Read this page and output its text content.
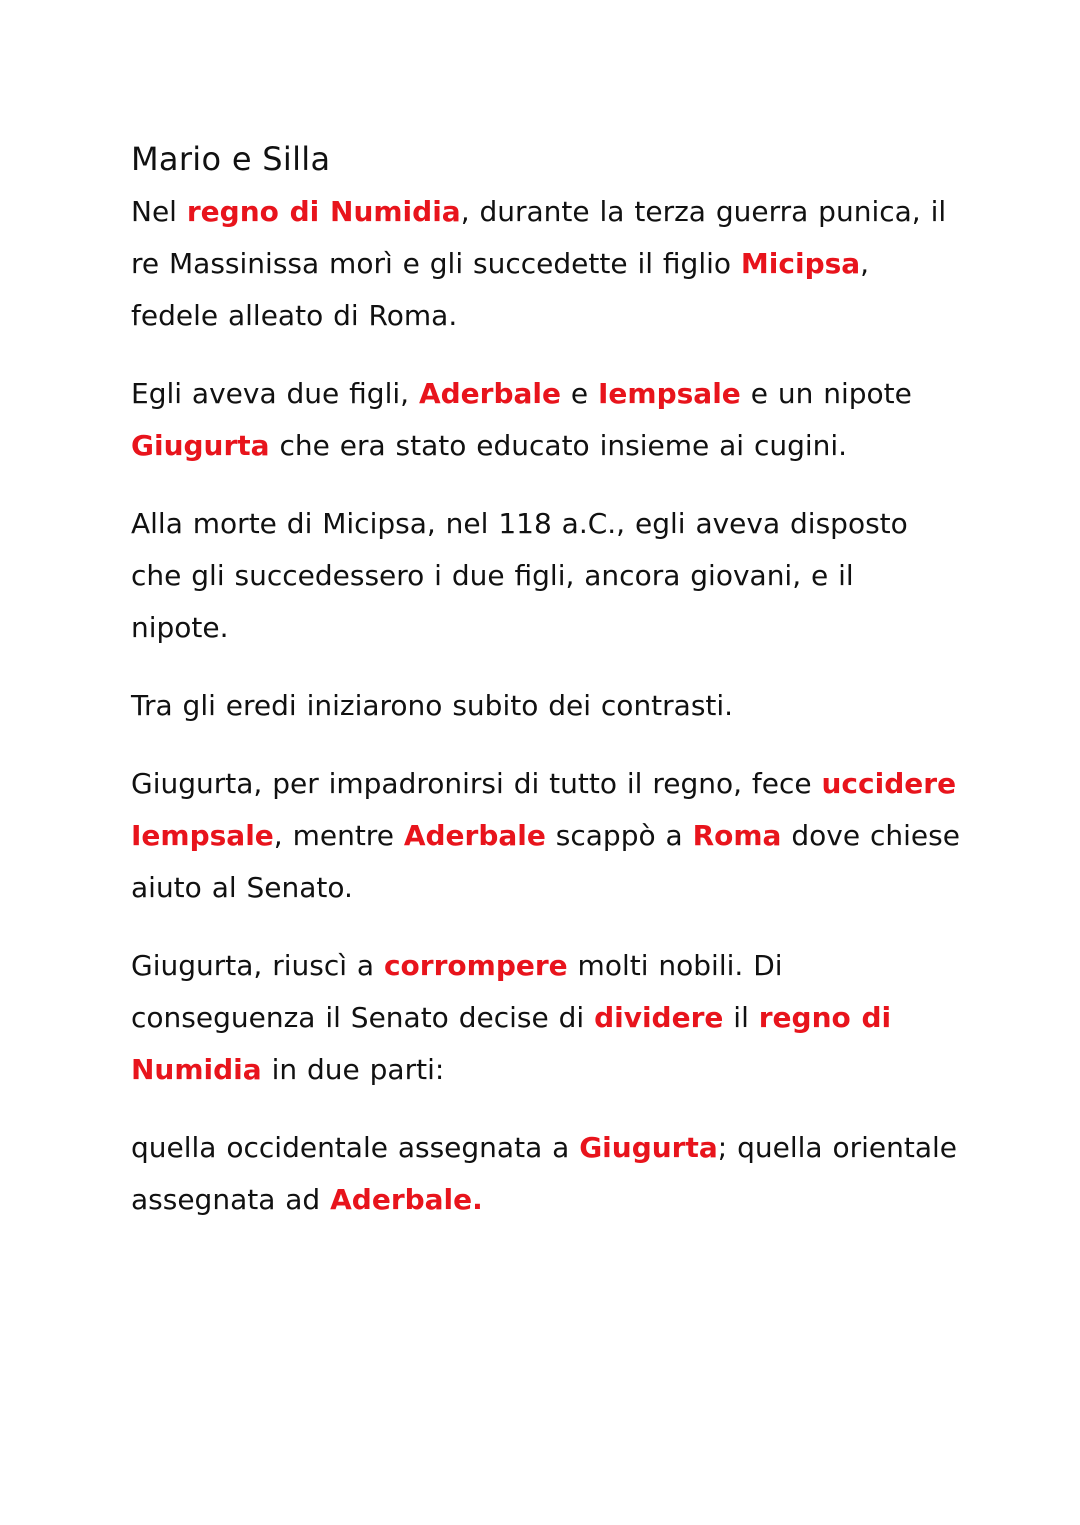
Mario e Silla

Nel regno di Numidia, durante la terza guerra punica, il re Massinissa morì e gli succedette il figlio Micipsa, fedele alleato di Roma.

Egli aveva due figli, Aderbale e Iempsale e un nipote Giugurta che era stato educato insieme ai cugini.

Alla morte di Micipsa, nel 118 a.C., egli aveva disposto che gli succedessero i due figli, ancora giovani, e il nipote.

Tra gli eredi iniziarono subito dei contrasti.

Giugurta, per impadronirsi di tutto il regno, fece uccidere Iempsale, mentre Aderbale scappò a Roma dove chiese aiuto al Senato.

Giugurta, riuscì a corrompere molti nobili. Di conseguenza il Senato decise di dividere il regno di Numidia in due parti:

quella occidentale assegnata a Giugurta; quella orientale assegnata ad Aderbale.
